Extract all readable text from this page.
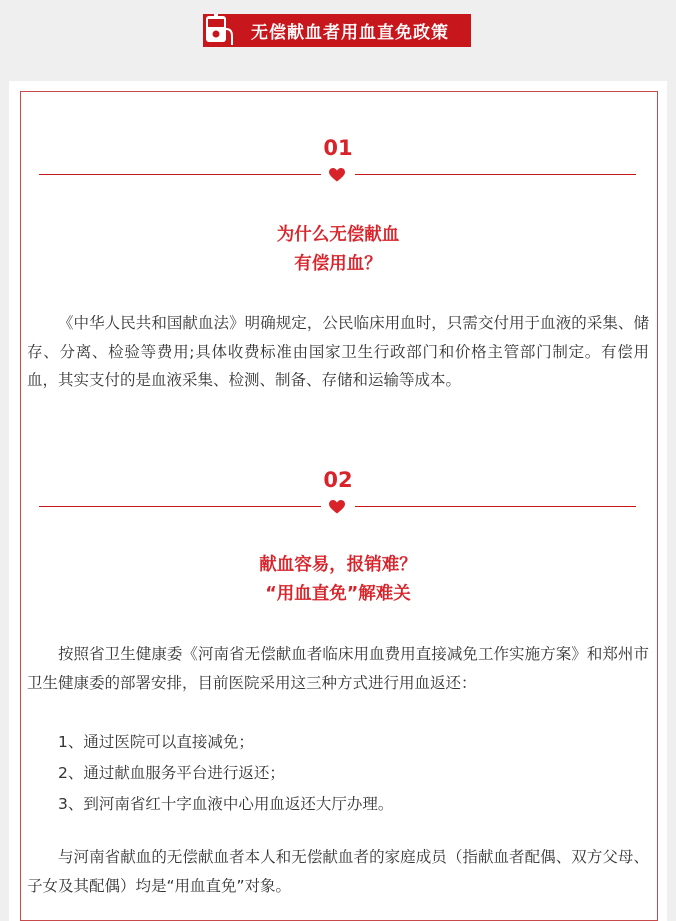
无偿献血者用血直免政策
01
为什么无偿献血
有偿用血？

《中华人民共和国献血法》明确规定，公民临床用血时，只需交付用于血液的采集、储存、分离、检验等费用;具体收费标准由国家卫生行政部门和价格主管部门制定。有偿用血，其实支付的是血液采集、检测、制备、存储和运输等成本。

02
献血容易，报销难？
“用血直免”解难关

按照省卫生健康委《河南省无偿献血者临床用血费用直接减免工作实施方案》和郑州市卫生健康委的部署安排，目前医院采用这三种方式进行用血返还：

1、通过医院可以直接减免；
2、通过献血服务平台进行返还；
3、到河南省红十字血液中心用血返还大厅办理。

与河南省献血的无偿献血者本人和无偿献血者的家庭成员（指献血者配偶、双方父母、子女及其配偶）均是“用血直免”对象。
